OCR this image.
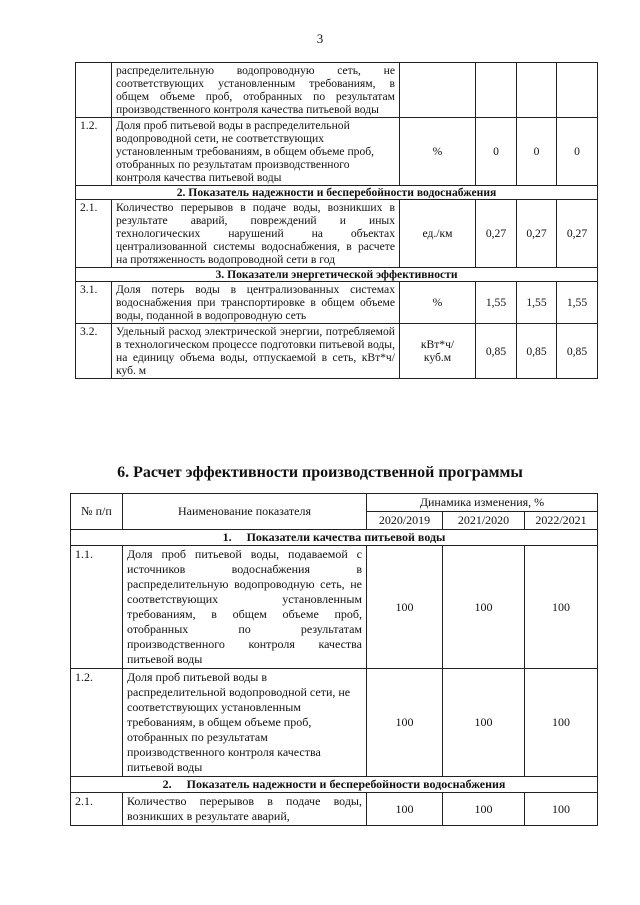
3
	распределительную водопроводную сеть, не соответствующих установленным требованиям, в общем объеме проб, отобранных по результатам производственного контроля качества питьевой воды				
1.2.	Доля проб питьевой воды в распределительной водопроводной сети, не соответствующих установленным требованиям, в общем объеме проб, отобранных по результатам производственного контроля качества питьевой воды	%	0	0	0
2. Показатель надежности и бесперебойности водоснабжения					
2.1.	Количество перерывов в подаче воды, возникших в результате аварий, повреждений и иных технологических нарушений на объектах централизованной системы водоснабжения, в расчете на протяженность водопроводной сети в год	ед./км	0,27	0,27	0,27
3. Показатели энергетической эффективности					
3.1.	Доля потерь воды в централизованных системах водоснабжения при транспортировке в общем объеме воды, поданной в водопроводную сеть	%	1,55	1,55	1,55
3.2.	Удельный расход электрической энергии, потребляемой в технологическом процессе подготовки питьевой воды, на единицу объема воды, отпускаемой в сеть, кВт*ч/куб. м	кВт*ч/
куб.м	0,85	0,85	0,85
6. Расчет эффективности производственной программы
№ п/п	Наименование показателя	Динамика изменения, %		
		2020/2019	2021/2020	2022/2021
1.     Показатели качества питьевой воды				
1.1.	Доля проб питьевой воды, подаваемой с источников водоснабжения в распределительную водопроводную сеть, не соответствующих установленным требованиям, в общем объеме проб, отобранных по результатам производственного контроля качества питьевой воды	100	100	100
1.2.	Доля проб питьевой воды в распределительной водопроводной сети, не соответствующих установленным требованиям, в общем объеме проб, отобранных по результатам производственного контроля качества питьевой воды	100	100	100
2.     Показатель надежности и бесперебойности водоснабжения				
2.1.	Количество перерывов в подаче воды, возникших в результате аварий,	100	100	100
